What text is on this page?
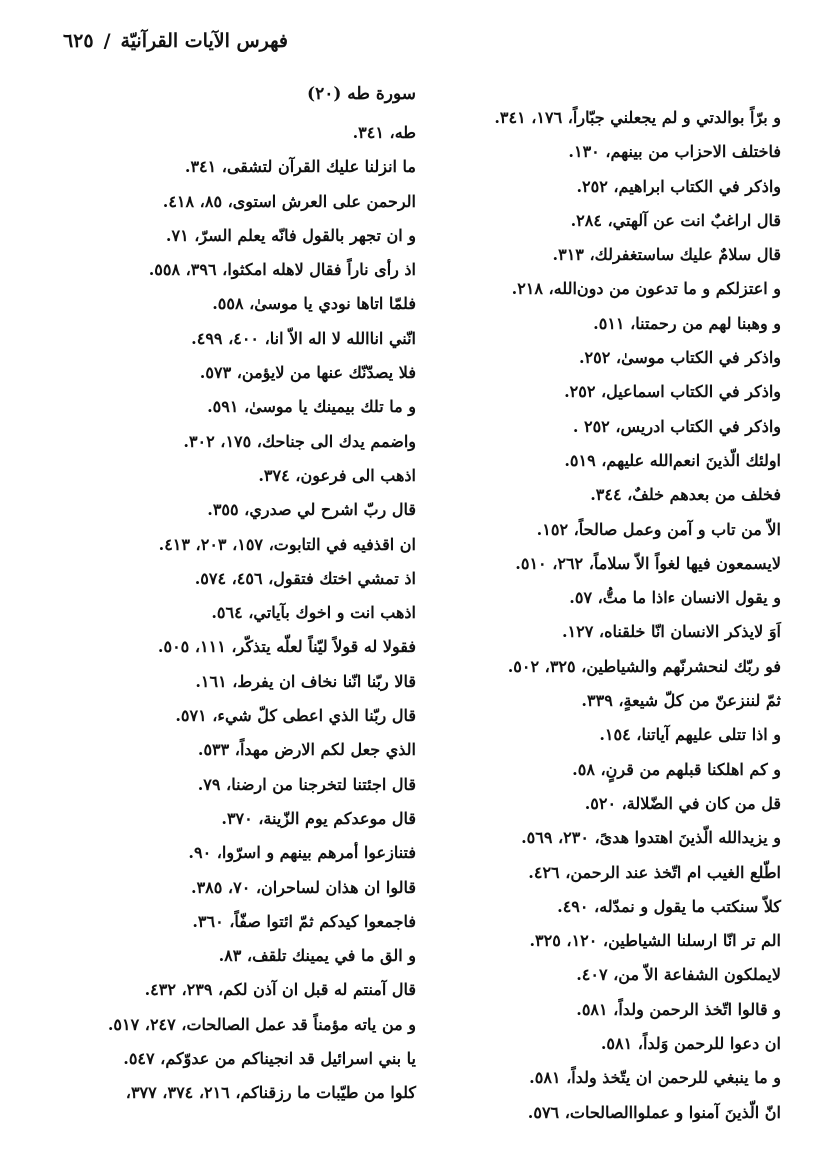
فهرس الآيات القرآنيّة
/
٦٢٥
سورة طه (٢٠)
طه، ٣٤١.
ما انزلنا عليك القرآن لتشقى، ٣٤١.
الرحمن على العرش استوى، ٨٥، ٤١٨.
و ان تجهر بالقول فانّه يعلم السرّ، ٧١.
اذ رأى ناراً فقال لاهله امكثوا، ٣٩٦، ٥٥٨.
فلمّا اتاها نودي يا موسىٰ، ٥٥٨.
انّني اناالله لا اله الاّ انا، ٤٠٠، ٤٩٩.
فلا يصدّنّك عنها من لايؤمن، ٥٧٣.
و ما تلك بيمينك يا موسىٰ، ٥٩١.
واضمم يدك الى جناحك، ١٧٥، ٣٠٢.
اذهب الى فرعون، ٣٧٤.
قال ربّ اشرح لي صدري، ٣٥٥.
ان اقذفيه في التابوت، ١٥٧، ٢٠٣، ٤١٣.
اذ تمشي اختك فتقول، ٤٥٦، ٥٧٤.
اذهب انت و اخوك بآياتي، ٥٦٤.
فقولا له قولاً ليّناً لعلّه يتذكّر، ١١١، ٥٠٥.
قالا ربّنا انّنا نخاف ان يفرط، ١٦١.
قال ربّنا الذي اعطى كلّ شيء، ٥٧١.
الذي جعل لكم الارض مهداً، ٥٣٣.
قال اجئتنا لتخرجنا من ارضنا، ٧٩.
قال موعدكم يوم الزّينة، ٣٧٠.
فتنازعوا أمرهم بينهم و اسرّوا، ٩٠.
قالوا ان هذان لساحران، ٧٠، ٣٨٥.
فاجمعوا كيدكم ثمّ ائتوا صفّاً، ٣٦٠.
و الق ما في يمينك تلقف، ٨٣.
قال آمنتم له قبل ان آذن لكم، ٢٣٩، ٤٣٢.
و من ياته مؤمناً قد عمل الصالحات، ٢٤٧، ٥١٧.
يا بني اسرائيل قد انجيناكم من عدوّكم، ٥٤٧.
كلوا من طيّبات ما رزقناكم، ٢١٦، ٣٧٤، ٣٧٧،
و برّاً بوالدتي و لم يجعلني جبّاراً، ١٧٦، ٣٤١.
فاختلف الاحزاب من بينهم، ١٣٠.
واذكر في الكتاب ابراهيم، ٢٥٢.
قال اراغبٌ انت عن آلهتي، ٢٨٤.
قال سلامٌ عليك ساستغفرلك، ٣١٣.
و اعتزلكم و ما تدعون من دون‌الله، ٢١٨.
و وهبنا لهم من رحمتنا، ٥١١.
واذكر في الكتاب موسىٰ، ٢٥٢.
واذكر في الكتاب اسماعيل، ٢٥٢.
واذكر في الكتاب ادريس، ٢٥٢ .
اولئك الّذينَ انعم‌الله عليهم، ٥١٩.
فخلف من بعدهم خلفٌ، ٣٤٤.
الاّ من تاب و آمن وعمل صالحاً، ١٥٢.
لايسمعون فيها لغواً الاّ سلاماً، ٢٦٢، ٥١٠.
و يقول الانسان ءاذا ما متُّ، ٥٧.
اَوَ لايذكر الانسان انّا خلقناه، ١٢٧.
فو ربّك لنحشرنّهم والشياطين، ٣٢٥، ٥٠٢.
ثمّ لننزعنّ من كلّ شيعةٍ، ٣٣٩.
و اذا تتلى عليهم آياتنا، ١٥٤.
و كم اهلكنا قبلهم من قرنٍ، ٥٨.
قل من كان في الضّلالة، ٥٢٠.
و يزيدالله الّذينَ اهتدوا هدىً، ٢٣٠، ٥٦٩.
اطّلع الغيب ام اتّخذ عند الرحمن، ٤٢٦.
كلاّ سنكتب ما يقول و نمدّله، ٤٩٠.
الم تر انّا ارسلنا الشياطين، ١٢٠، ٣٢٥.
لايملكون الشفاعة الاّ من، ٤٠٧.
و قالوا اتّخذ الرحمن ولداً، ٥٨١.
ان دعوا للرحمن وَلداً، ٥٨١.
و ما ينبغي للرحمن ان يتّخذ ولداً، ٥٨١.
انّ الّذينَ آمنوا و عملواالصالحات، ٥٧٦.
